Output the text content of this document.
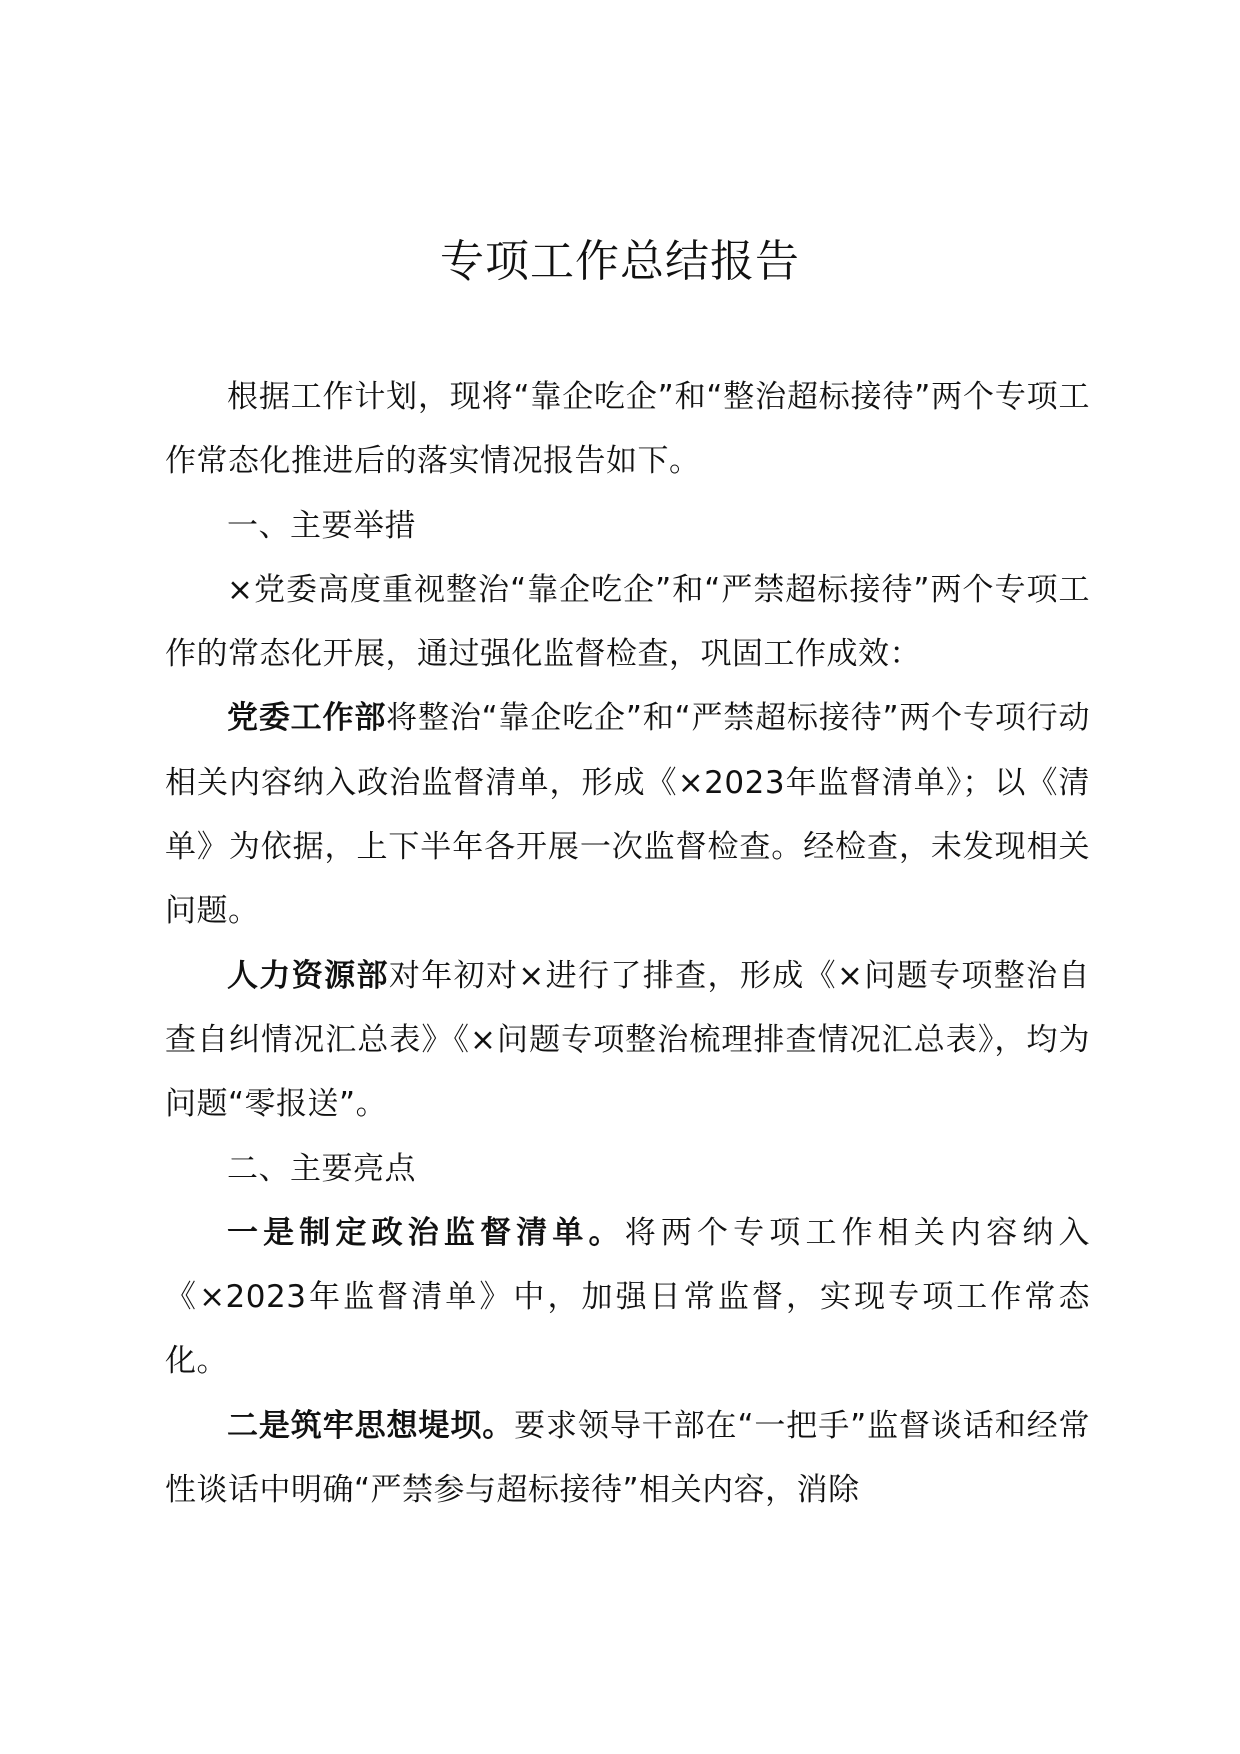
专项工作总结报告

根据工作计划，现将“靠企吃企”和“整治超标接待”两个专项工作常态化推进后的落实情况报告如下。

一、主要举措

×党委高度重视整治“靠企吃企”和“严禁超标接待”两个专项工作的常态化开展，通过强化监督检查，巩固工作成效：

党委工作部将整治“靠企吃企”和“严禁超标接待”两个专项行动相关内容纳入政治监督清单，形成《×2023年监督清单》；以《清单》为依据，上下半年各开展一次监督检查。经检查，未发现相关问题。

人力资源部对年初对×进行了排查，形成《×问题专项整治自查自纠情况汇总表》《×问题专项整治梳理排查情况汇总表》，均为问题“零报送”。

二、主要亮点

一是制定政治监督清单。将两个专项工作相关内容纳入《×2023年监督清单》中，加强日常监督，实现专项工作常态化。

二是筑牢思想堤坝。要求领导干部在“一把手”监督谈话和经常性谈话中明确“严禁参与超标接待”相关内容，消除
